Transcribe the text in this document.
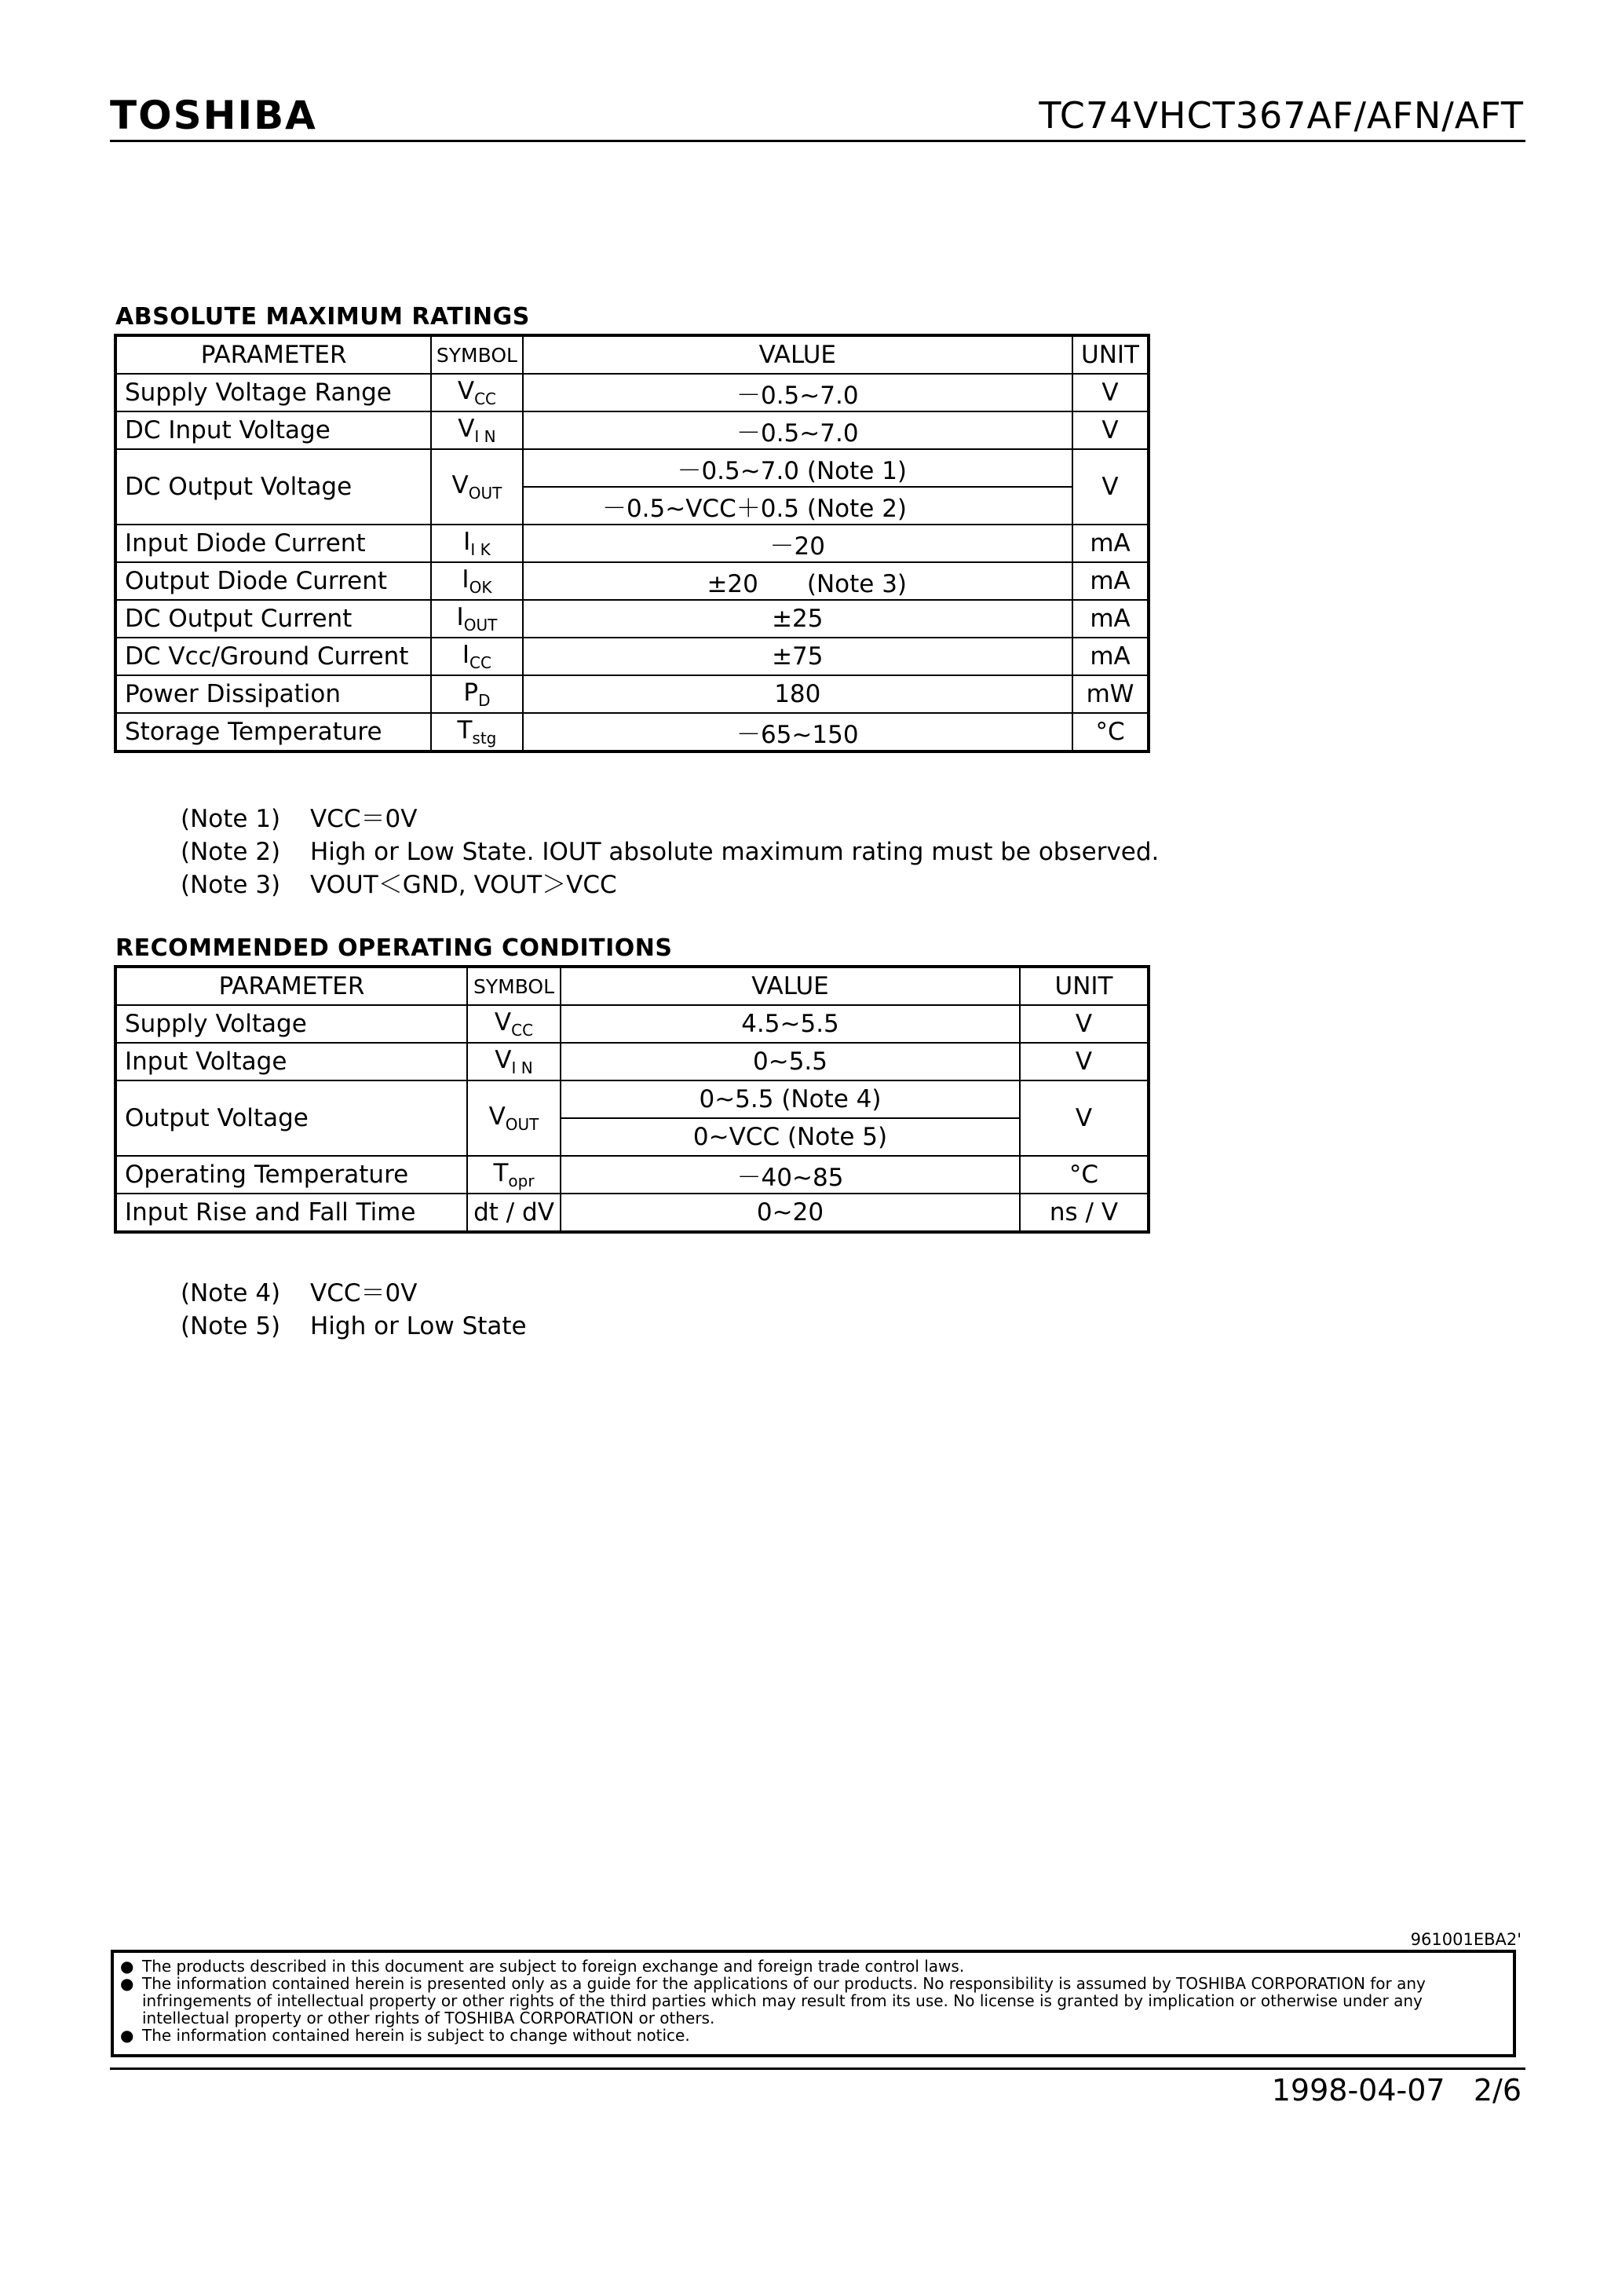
TOSHIBA	TC74VHCT367AF/AFN/AFT
ABSOLUTE MAXIMUM RATINGS
PARAMETER	SYMBOL	VALUE	UNIT
Supply Voltage Range	$V_{CC}$	－0.5~7.0	V
DC Input Voltage	$V_{I N}$	－0.5~7.0	V
DC Output Voltage	$V_{OUT}$	－0.5~7.0 (Note 1)	V
		－0.5~VCC＋0.5 (Note 2)	
Input Diode Current	$I_{I K}$	－20	mA
Output Diode Current	$I_{OK}$	±20　　(Note 3)	mA
DC Output Current	$I_{OUT}$	±25	mA
DC Vcc/Ground Current	$I_{CC}$	±75	mA
Power Dissipation	$P_D$	180	mW
Storage Temperature	$T_{stg}$	－65~150	°C
(Note 1)	VCC＝0V
(Note 2)	High or Low State. IOUT absolute maximum rating must be observed.
(Note 3)	VOUT＜GND, VOUT＞VCC
RECOMMENDED OPERATING CONDITIONS
PARAMETER	SYMBOL	VALUE	UNIT
Supply Voltage	$V_{CC}$	4.5~5.5	V
Input Voltage	$V_{I N}$	0~5.5	V
Output Voltage	$V_{OUT}$	0~5.5 (Note 4)	V
		0~VCC (Note 5)	
Operating Temperature	$T_{opr}$	－40~85	°C
Input Rise and Fall Time	dt / dV	0~20	ns / V
(Note 4)	VCC＝0V
(Note 5)	High or Low State
961001EBA2'
● The products described in this document are subject to foreign exchange and foreign trade control laws.
● The information contained herein is presented only as a guide for the applications of our products. No responsibility is assumed by TOSHIBA CORPORATION for any infringements of intellectual property or other rights of the third parties which may result from its use. No license is granted by implication or otherwise under any intellectual property or other rights of TOSHIBA CORPORATION or others.
● The information contained herein is subject to change without notice.
1998-04-07 2/6
